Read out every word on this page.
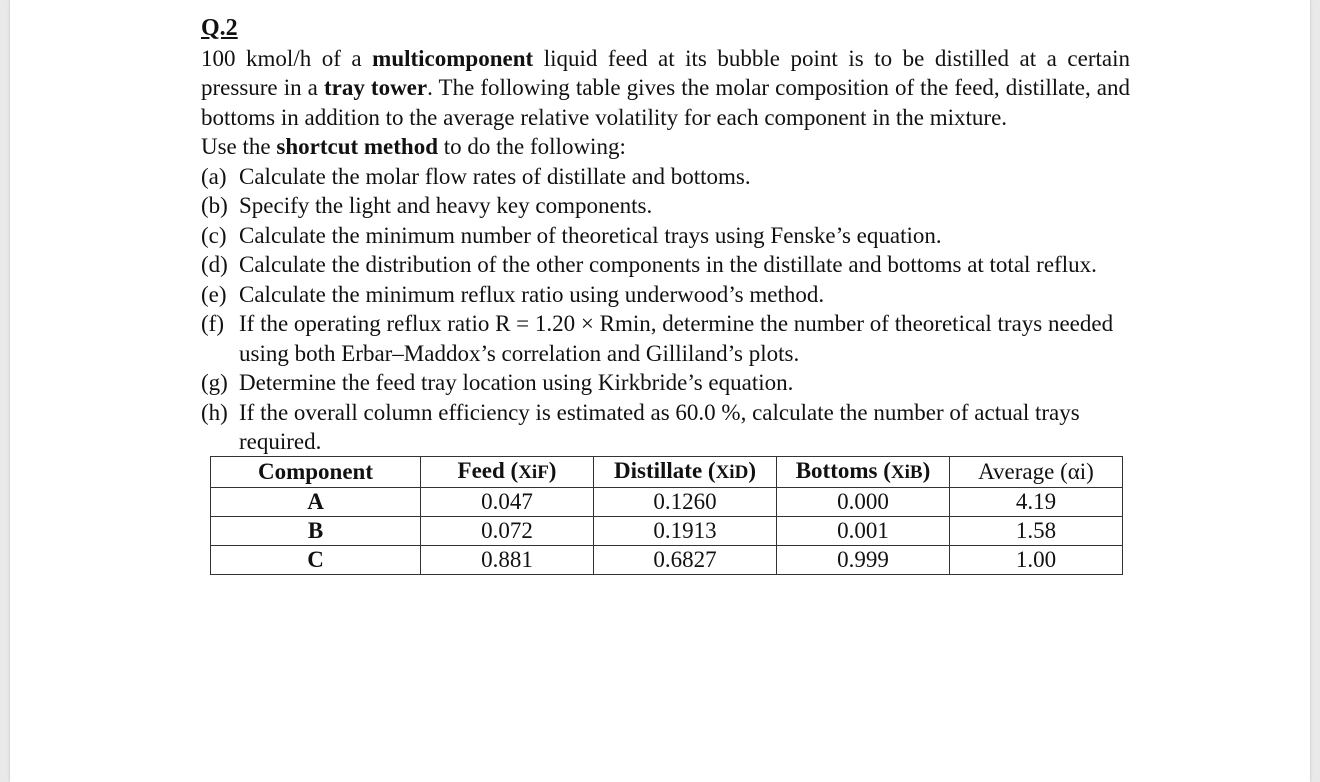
Q.2

100 kmol/h of a multicomponent liquid feed at its bubble point is to be distilled at a certain pressure in a tray tower. The following table gives the molar composition of the feed, distillate, and bottoms in addition to the average relative volatility for each component in the mixture.

Use the shortcut method to do the following:

(a) Calculate the molar flow rates of distillate and bottoms.
(b) Specify the light and heavy key components.
(c) Calculate the minimum number of theoretical trays using Fenske’s equation.
(d) Calculate the distribution of the other components in the distillate and bottoms at total reflux.
(e) Calculate the minimum reflux ratio using underwood’s method.
(f) If the operating reflux ratio R = 1.20 × Rmin, determine the number of theoretical trays needed using both Erbar–Maddox’s correlation and Gilliland’s plots.
(g) Determine the feed tray location using Kirkbride’s equation.
(h) If the overall column efficiency is estimated as 60.0 %, calculate the number of actual trays required.
Component	Feed (XiF)	Distillate (XiD)	Bottoms (XiB)	Average (αi)
A	0.047	0.1260	0.000	4.19
B	0.072	0.1913	0.001	1.58
C	0.881	0.6827	0.999	1.00
